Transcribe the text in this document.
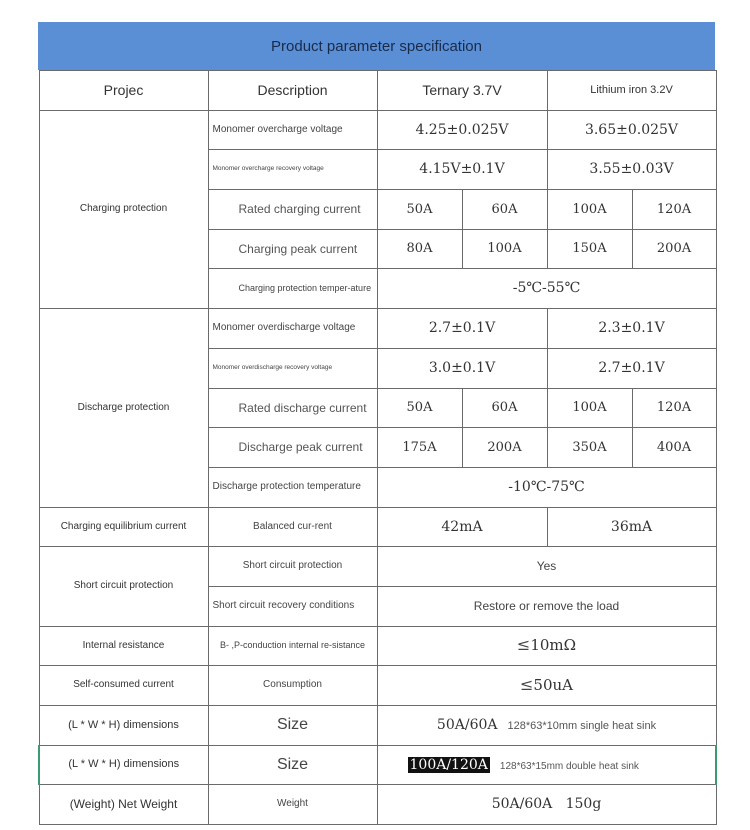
Product parameter specification
Projec	Description	Ternary 3.7V		Lithium iron 3.2V	
Charging protection	Monomer overcharge voltage	4.25±0.025V		3.65±0.025V	
	Monomer overcharge recovery voltage	4.15V±0.1V		3.55±0.03V	
	Rated charging current	50A	60A	100A	120A
	Charging peak current	80A	100A	150A	200A
	Charging protection temper-ature	-5℃-55℃			
Discharge protection	Monomer overdischarge voltage	2.7±0.1V		2.3±0.1V	
	Monomer overdischarge recovery voltage	3.0±0.1V		2.7±0.1V	
	Rated discharge current	50A	60A	100A	120A
	Discharge peak current	175A	200A	350A	400A
	Discharge protection temperature	-10℃-75℃			
Charging equilibrium current	Balanced cur-rent	42mA		36mA	
Short circuit protection	Short circuit protection	Yes			
	Short circuit recovery conditions	Restore or remove the load			
Internal resistance	B- ,P-conduction internal re-sistance	≤10mΩ			
Self-consumed current	Consumption	≤50uA			
(L * W * H) dimensions	Size	50A/60A 128*63*10mm single heat sink			
(L * W * H) dimensions	Size	100A/120A 128*63*15mm double heat sink			
(Weight) Net Weight	Weight	50A/60A   150g			
